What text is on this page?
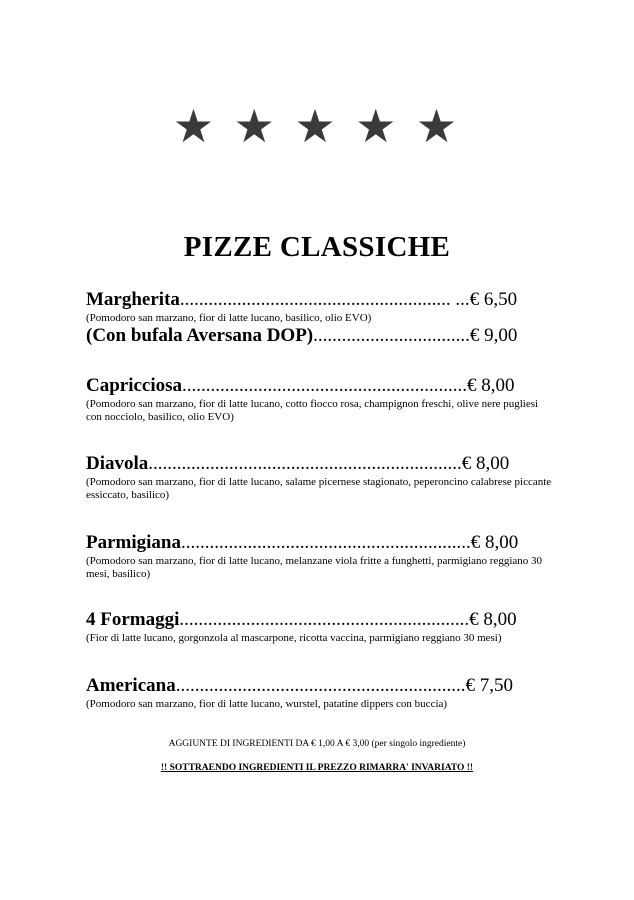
★ ★ ★ ★ ★
PIZZE CLASSICHE
Margherita......................................................... ...€ 6,50
(Pomodoro san marzano, fior di latte lucano, basilico, olio EVO)
(Con bufala Aversana DOP).................................€ 9,00
Capricciosa............................................................€ 8,00
(Pomodoro san marzano, fior di latte lucano, cotto fiocco rosa, champignon freschi, olive nere pugliesi con nocciolo, basilico, olio EVO)
Diavola..................................................................€ 8,00
(Pomodoro san marzano, fior di latte lucano, salame picernese stagionato, peperoncino calabrese piccante essiccato, basilico)
Parmigiana.............................................................€ 8,00
(Pomodoro san marzano, fior di latte lucano, melanzane viola fritte a funghetti, parmigiano reggiano 30 mesi, basilico)
4 Formaggi.............................................................€ 8,00
(Fior di latte lucano, gorgonzola al mascarpone, ricotta vaccina, parmigiano reggiano 30 mesi)
Americana.............................................................€ 7,50
(Pomodoro san marzano, fior di latte lucano, wurstel, patatine dippers con buccia)
AGGIUNTE DI INGREDIENTI DA € 1,00 A € 3,00 (per singolo ingrediente)
!! SOTTRAENDO INGREDIENTI IL PREZZO RIMARRA' INVARIATO !!
